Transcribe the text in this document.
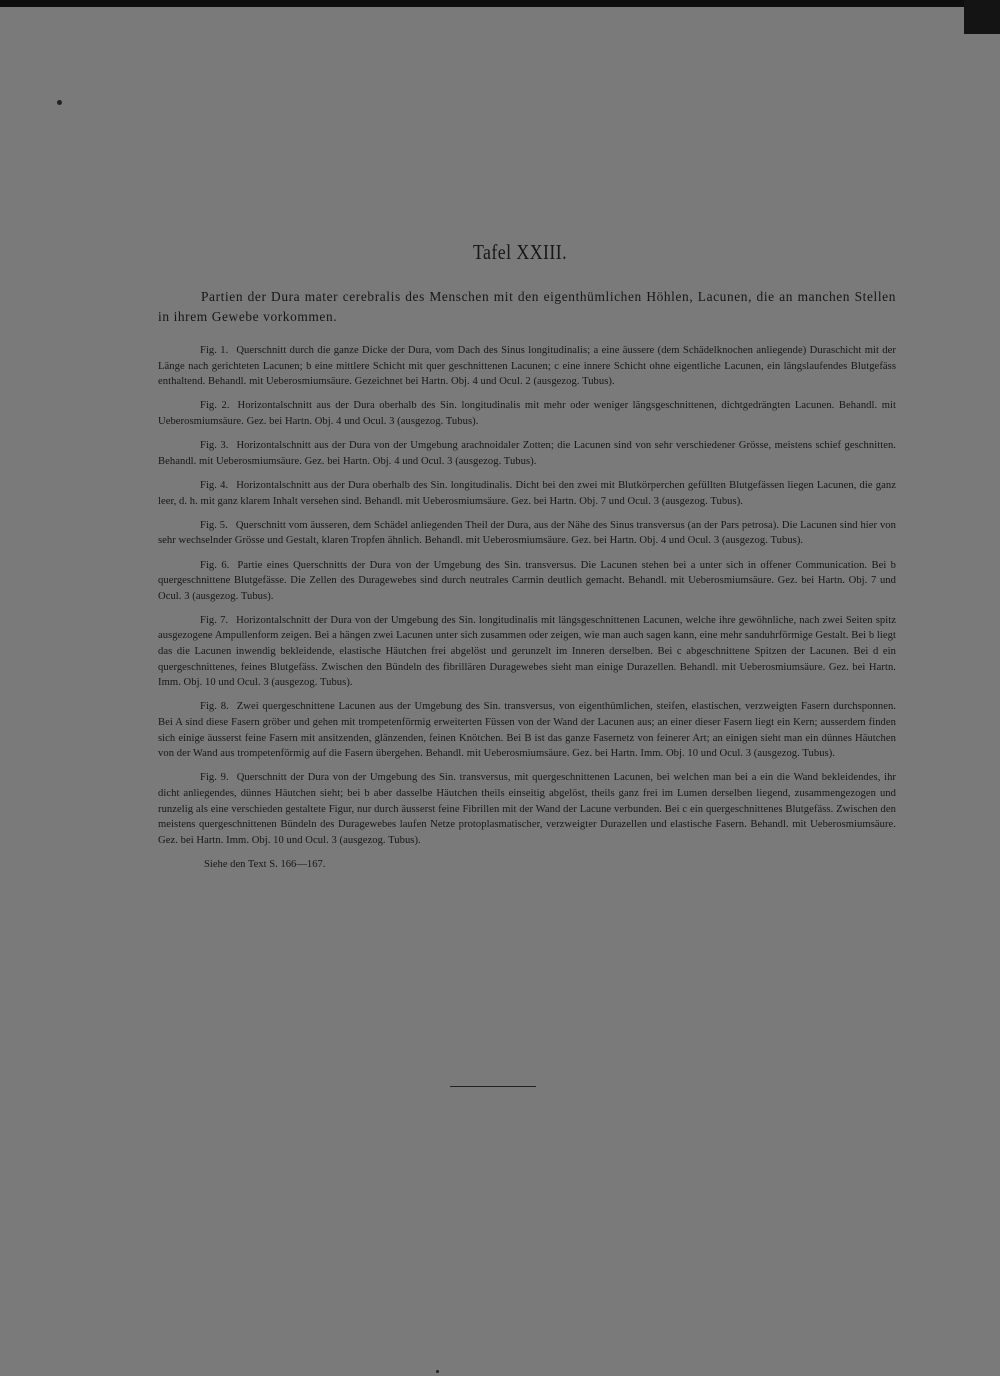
Tafel XXIII.

Partien der Dura mater cerebralis des Menschen mit den eigenthümlichen Höhlen, Lacunen, die an manchen Stellen in ihrem Gewebe vorkommen.

Fig. 1. Querschnitt durch die ganze Dicke der Dura, vom Dach des Sinus longitudinalis; a eine äussere (dem Schädelknochen anliegende) Duraschicht mit der Länge nach gerichteten Lacunen; b eine mittlere Schicht mit quer geschnittenen Lacunen; c eine innere Schicht ohne eigentliche Lacunen, ein längslaufendes Blutgefäss enthaltend. Behandl. mit Ueberosmiumsäure. Gezeichnet bei Hartn. Obj. 4 und Ocul. 2 (ausgezog. Tubus).

Fig. 2. Horizontalschnitt aus der Dura oberhalb des Sin. longitudinalis mit mehr oder weniger längsgeschnittenen, dichtgedrängten Lacunen. Behandl. mit Ueberosmiumsäure. Gez. bei Hartn. Obj. 4 und Ocul. 3 (ausgezog. Tubus).

Fig. 3. Horizontalschnitt aus der Dura von der Umgebung arachnoidaler Zotten; die Lacunen sind von sehr verschiedener Grösse, meistens schief geschnitten. Behandl. mit Ueberosmiumsäure. Gez. bei Hartn. Obj. 4 und Ocul. 3 (ausgezog. Tubus).

Fig. 4. Horizontalschnitt aus der Dura oberhalb des Sin. longitudinalis. Dicht bei den zwei mit Blutkörperchen gefüllten Blutgefässen liegen Lacunen, die ganz leer, d. h. mit ganz klarem Inhalt versehen sind. Behandl. mit Ueberosmiumsäure. Gez. bei Hartn. Obj. 7 und Ocul. 3 (ausgezog. Tubus).

Fig. 5. Querschnitt vom äusseren, dem Schädel anliegenden Theil der Dura, aus der Nähe des Sinus transversus (an der Pars petrosa). Die Lacunen sind hier von sehr wechselnder Grösse und Gestalt, klaren Tropfen ähnlich. Behandl. mit Ueberosmiumsäure. Gez. bei Hartn. Obj. 4 und Ocul. 3 (ausgezog. Tubus).

Fig. 6. Partie eines Querschnitts der Dura von der Umgebung des Sin. transversus. Die Lacunen stehen bei a unter sich in offener Communication. Bei b quergeschnittene Blutgefässe. Die Zellen des Duragewebes sind durch neutrales Carmin deutlich gemacht. Behandl. mit Ueberosmiumsäure. Gez. bei Hartn. Obj. 7 und Ocul. 3 (ausgezog. Tubus).

Fig. 7. Horizontalschnitt der Dura von der Umgebung des Sin. longitudinalis mit längsgeschnittenen Lacunen, welche ihre gewöhnliche, nach zwei Seiten spitz ausgezogene Ampullenform zeigen. Bei a hängen zwei Lacunen unter sich zusammen oder zeigen, wie man auch sagen kann, eine mehr sanduhrförmige Gestalt. Bei b liegt das die Lacunen inwendig bekleidende, elastische Häutchen frei abgelöst und gerunzelt im Inneren derselben. Bei c abgeschnittene Spitzen der Lacunen. Bei d ein quergeschnittenes, feines Blutgefäss. Zwischen den Bündeln des fibrillären Duragewebes sieht man einige Durazellen. Behandl. mit Ueberosmiumsäure. Gez. bei Hartn. Imm. Obj. 10 und Ocul. 3 (ausgezog. Tubus).

Fig. 8. Zwei quergeschnittene Lacunen aus der Umgebung des Sin. transversus, von eigenthümlichen, steifen, elastischen, verzweigten Fasern durchsponnen. Bei A sind diese Fasern gröber und gehen mit trompetenförmig erweiterten Füssen von der Wand der Lacunen aus; an einer dieser Fasern liegt ein Kern; ausserdem finden sich einige äusserst feine Fasern mit ansitzenden, glänzenden, feinen Knötchen. Bei B ist das ganze Fasernetz von feinerer Art; an einigen sieht man ein dünnes Häutchen von der Wand aus trompetenförmig auf die Fasern übergehen. Behandl. mit Ueberosmiumsäure. Gez. bei Hartn. Imm. Obj. 10 und Ocul. 3 (ausgezog. Tubus).

Fig. 9. Querschnitt der Dura von der Umgebung des Sin. transversus, mit quergeschnittenen Lacunen, bei welchen man bei a ein die Wand bekleidendes, ihr dicht anliegendes, dünnes Häutchen sieht; bei b aber dasselbe Häutchen theils einseitig abgelöst, theils ganz frei im Lumen derselben liegend, zusammengezogen und runzelig als eine verschieden gestaltete Figur, nur durch äusserst feine Fibrillen mit der Wand der Lacune verbunden. Bei c ein quergeschnittenes Blutgefäss. Zwischen den meistens quergeschnittenen Bündeln des Duragewebes laufen Netze protoplasmatischer, verzweigter Durazellen und elastische Fasern. Behandl. mit Ueberosmiumsäure. Gez. bei Hartn. Imm. Obj. 10 und Ocul. 3 (ausgezog. Tubus).

Siehe den Text S. 166—167.
